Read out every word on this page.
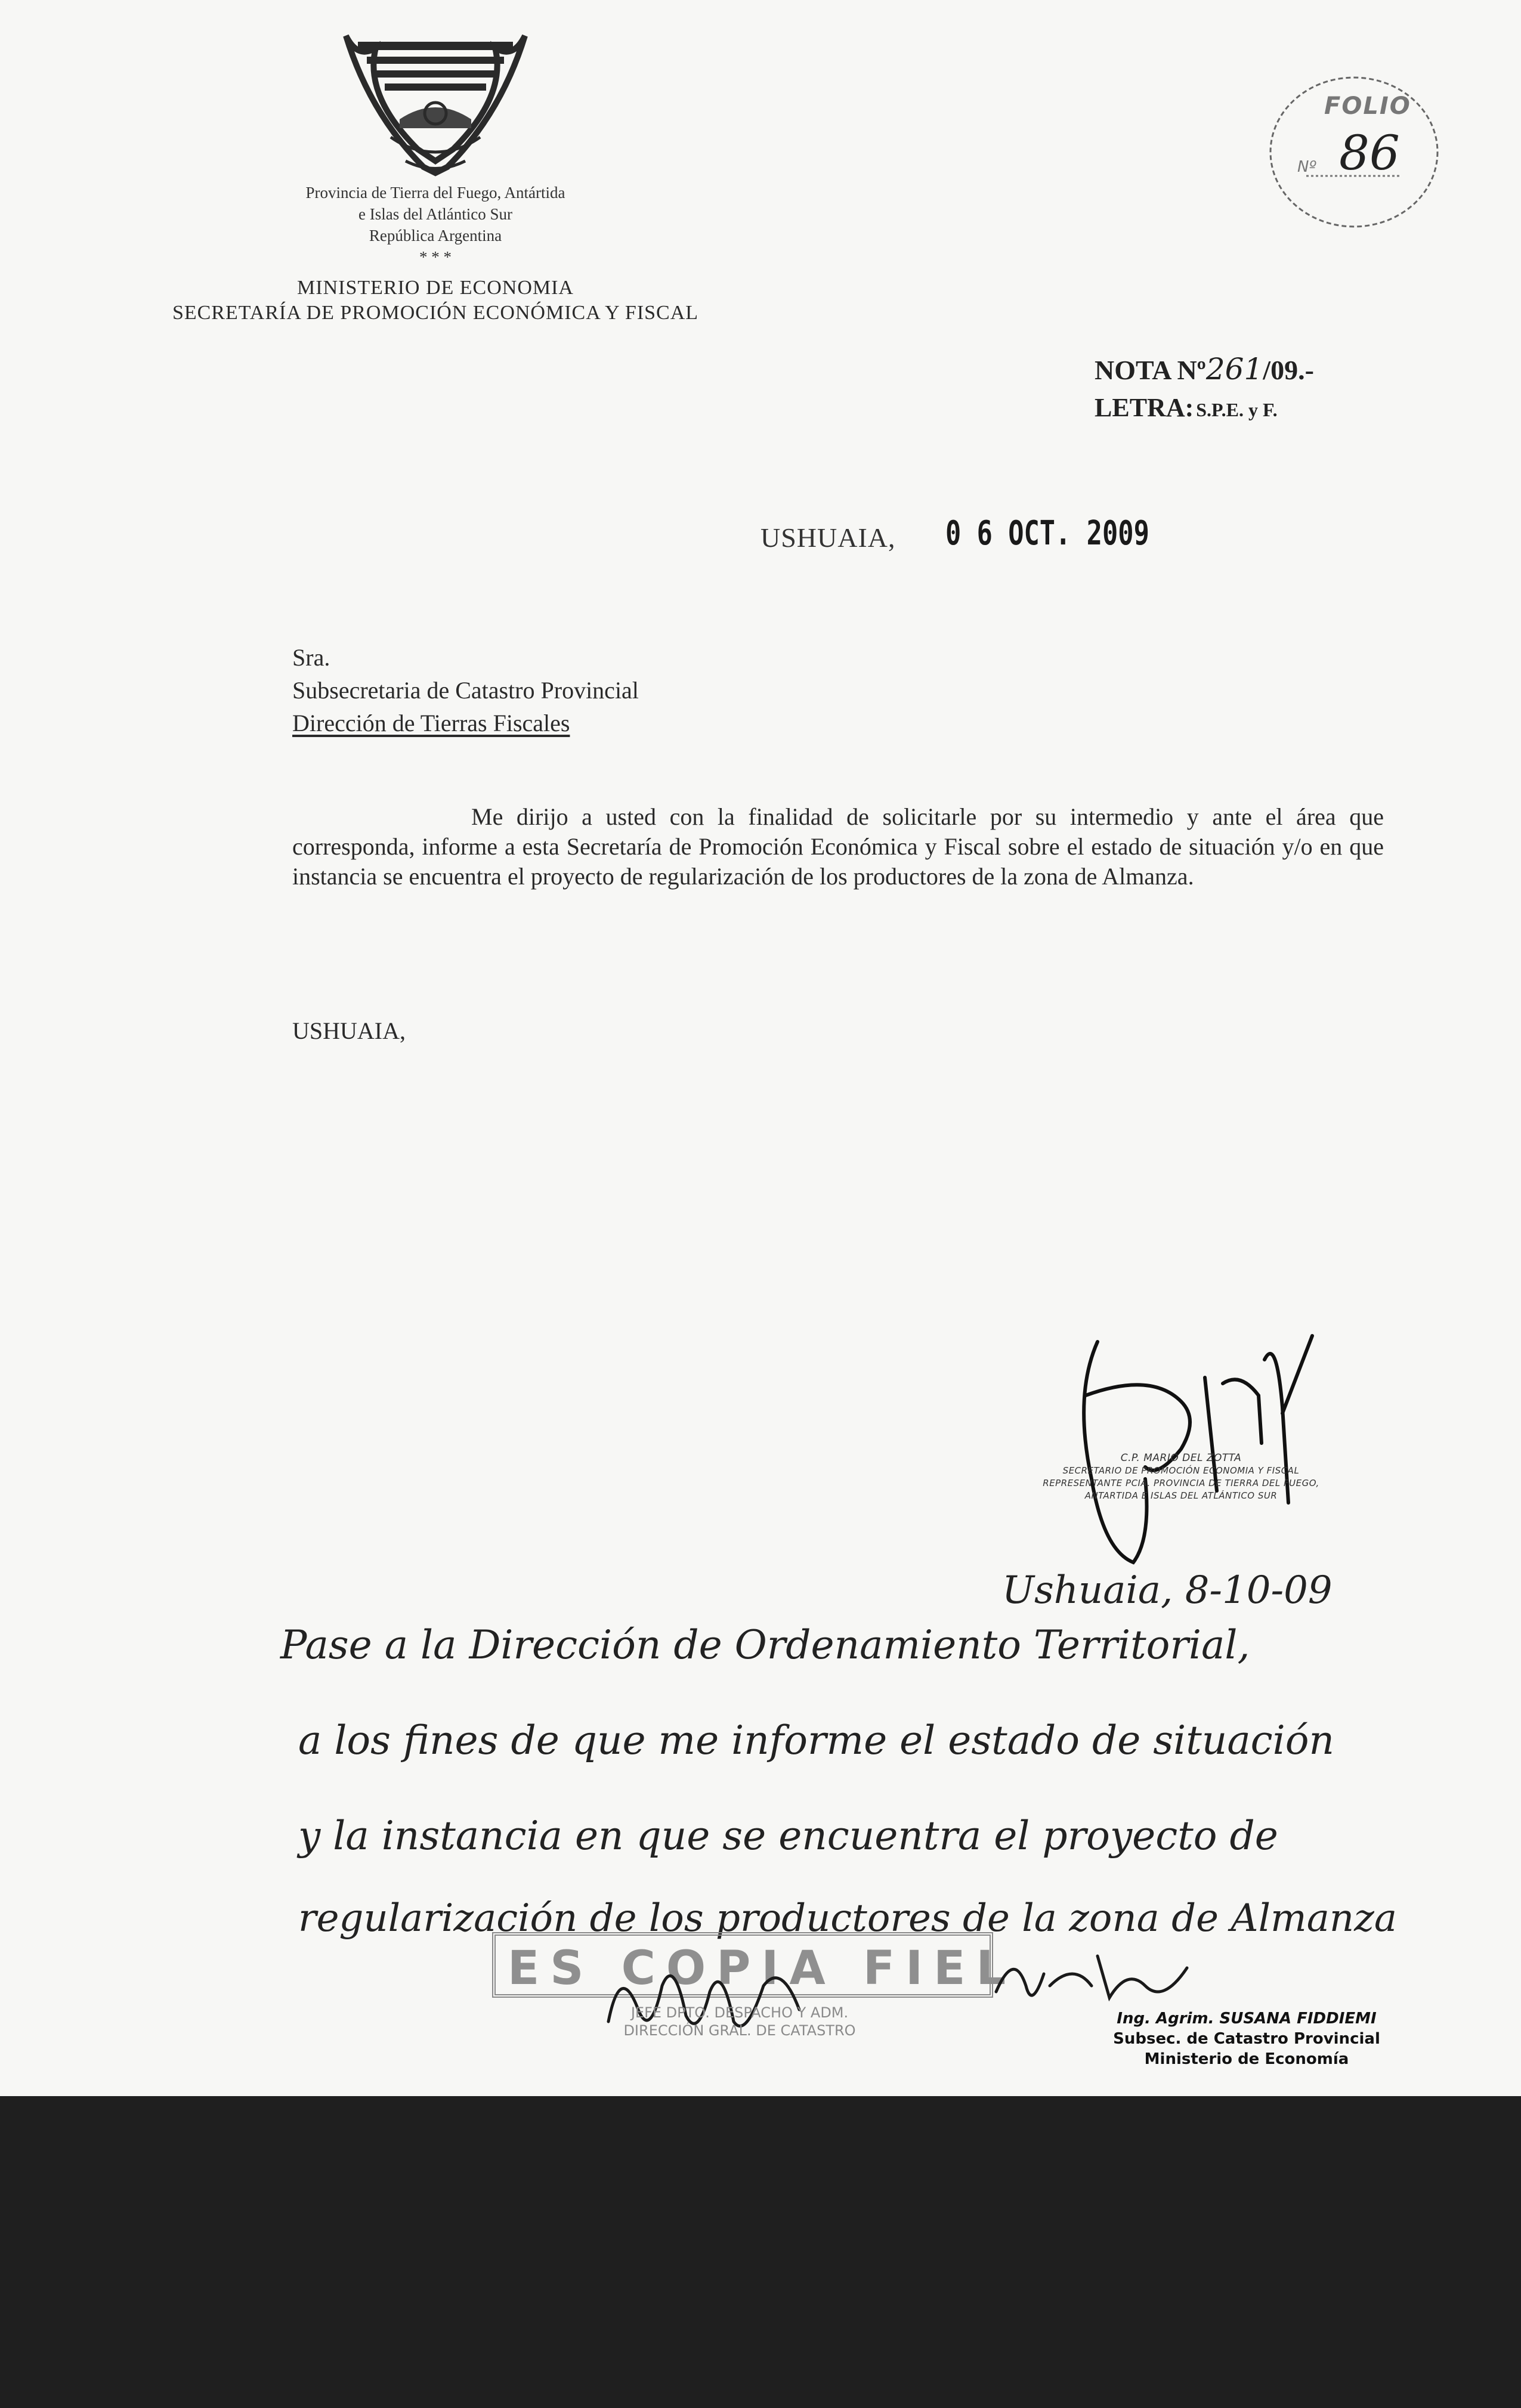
Provincia de Tierra del Fuego, Antártida
e Islas del Atlántico Sur
República Argentina
* * *
MINISTERIO DE ECONOMIA
SECRETARÍA DE PROMOCIÓN ECONÓMICA Y FISCAL
FOLIO
Nº 86
NOTA Nº261/09.-
LETRA: S.P.E. y F.
USHUAIA, 0 6 OCT. 2009
Sra.
Subsecretaria de Catastro Provincial
Dirección de Tierras Fiscales
Me dirijo a usted con la finalidad de solicitarle por su intermedio y ante el área que corresponda, informe a esta Secretaría de Promoción Económica y Fiscal sobre el estado de situación y/o en que instancia se encuentra el proyecto de regularización de los productores de la zona de Almanza.
USHUAIA,
C.P. MARIO DEL ZOTTA
SECRETARIO DE PROMOCIÓN ECONOMIA Y FISCAL
REPRESENTANTE PCIA. PROVINCIA DE TIERRA DEL FUEGO,
ANTARTIDA E ISLAS DEL ATLÁNTICO SUR
Ushuaia, 8-10-09
Pase a la Dirección de Ordenamiento Territorial,
a los fines de que me informe el estado de situación
y la instancia en que se encuentra el proyecto de
regularización de los productores de la zona de Almanza
ES COPIA FIEL
JEFE DPTO. DESPACHO Y ADM.
DIRECCIÓN GRAL. DE CATASTRO
Ing. Agrim. SUSANA FIDDIEMI
Subsec. de Catastro Provincial
Ministerio de Economía
